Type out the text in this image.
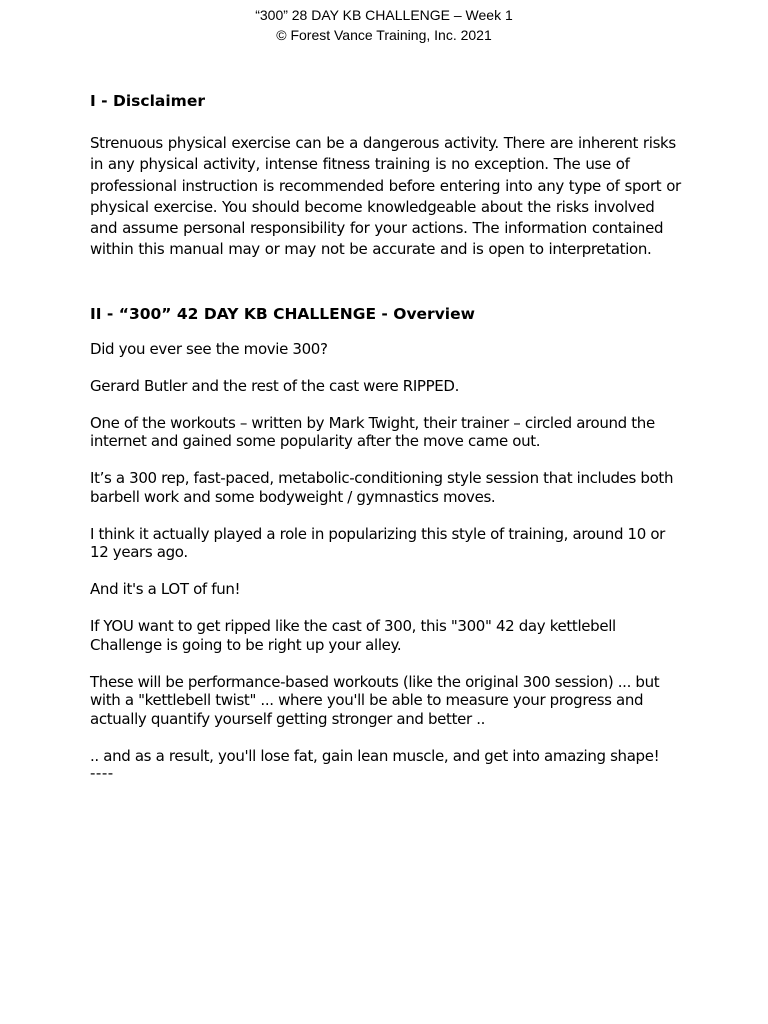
“300” 28 DAY KB CHALLENGE – Week 1
© Forest Vance Training, Inc. 2021
I - Disclaimer

Strenuous physical exercise can be a dangerous activity. There are inherent risks in any physical activity, intense fitness training is no exception. The use of professional instruction is recommended before entering into any type of sport or physical exercise. You should become knowledgeable about the risks involved and assume personal responsibility for your actions. The information contained within this manual may or may not be accurate and is open to interpretation.

II - “300” 42 DAY KB CHALLENGE - Overview

Did you ever see the movie 300?

Gerard Butler and the rest of the cast were RIPPED.

One of the workouts – written by Mark Twight, their trainer – circled around the internet and gained some popularity after the move came out.

It’s a 300 rep, fast-paced, metabolic-conditioning style session that includes both barbell work and some bodyweight / gymnastics moves.

I think it actually played a role in popularizing this style of training, around 10 or 12 years ago.

And it's a LOT of fun!

If YOU want to get ripped like the cast of 300, this "300" 42 day kettlebell Challenge is going to be right up your alley.

These will be performance-based workouts (like the original 300 session) ... but with a "kettlebell twist" ... where you'll be able to measure your progress and actually quantify yourself getting stronger and better ..

.. and as a result, you'll lose fat, gain lean muscle, and get into amazing shape!

----
